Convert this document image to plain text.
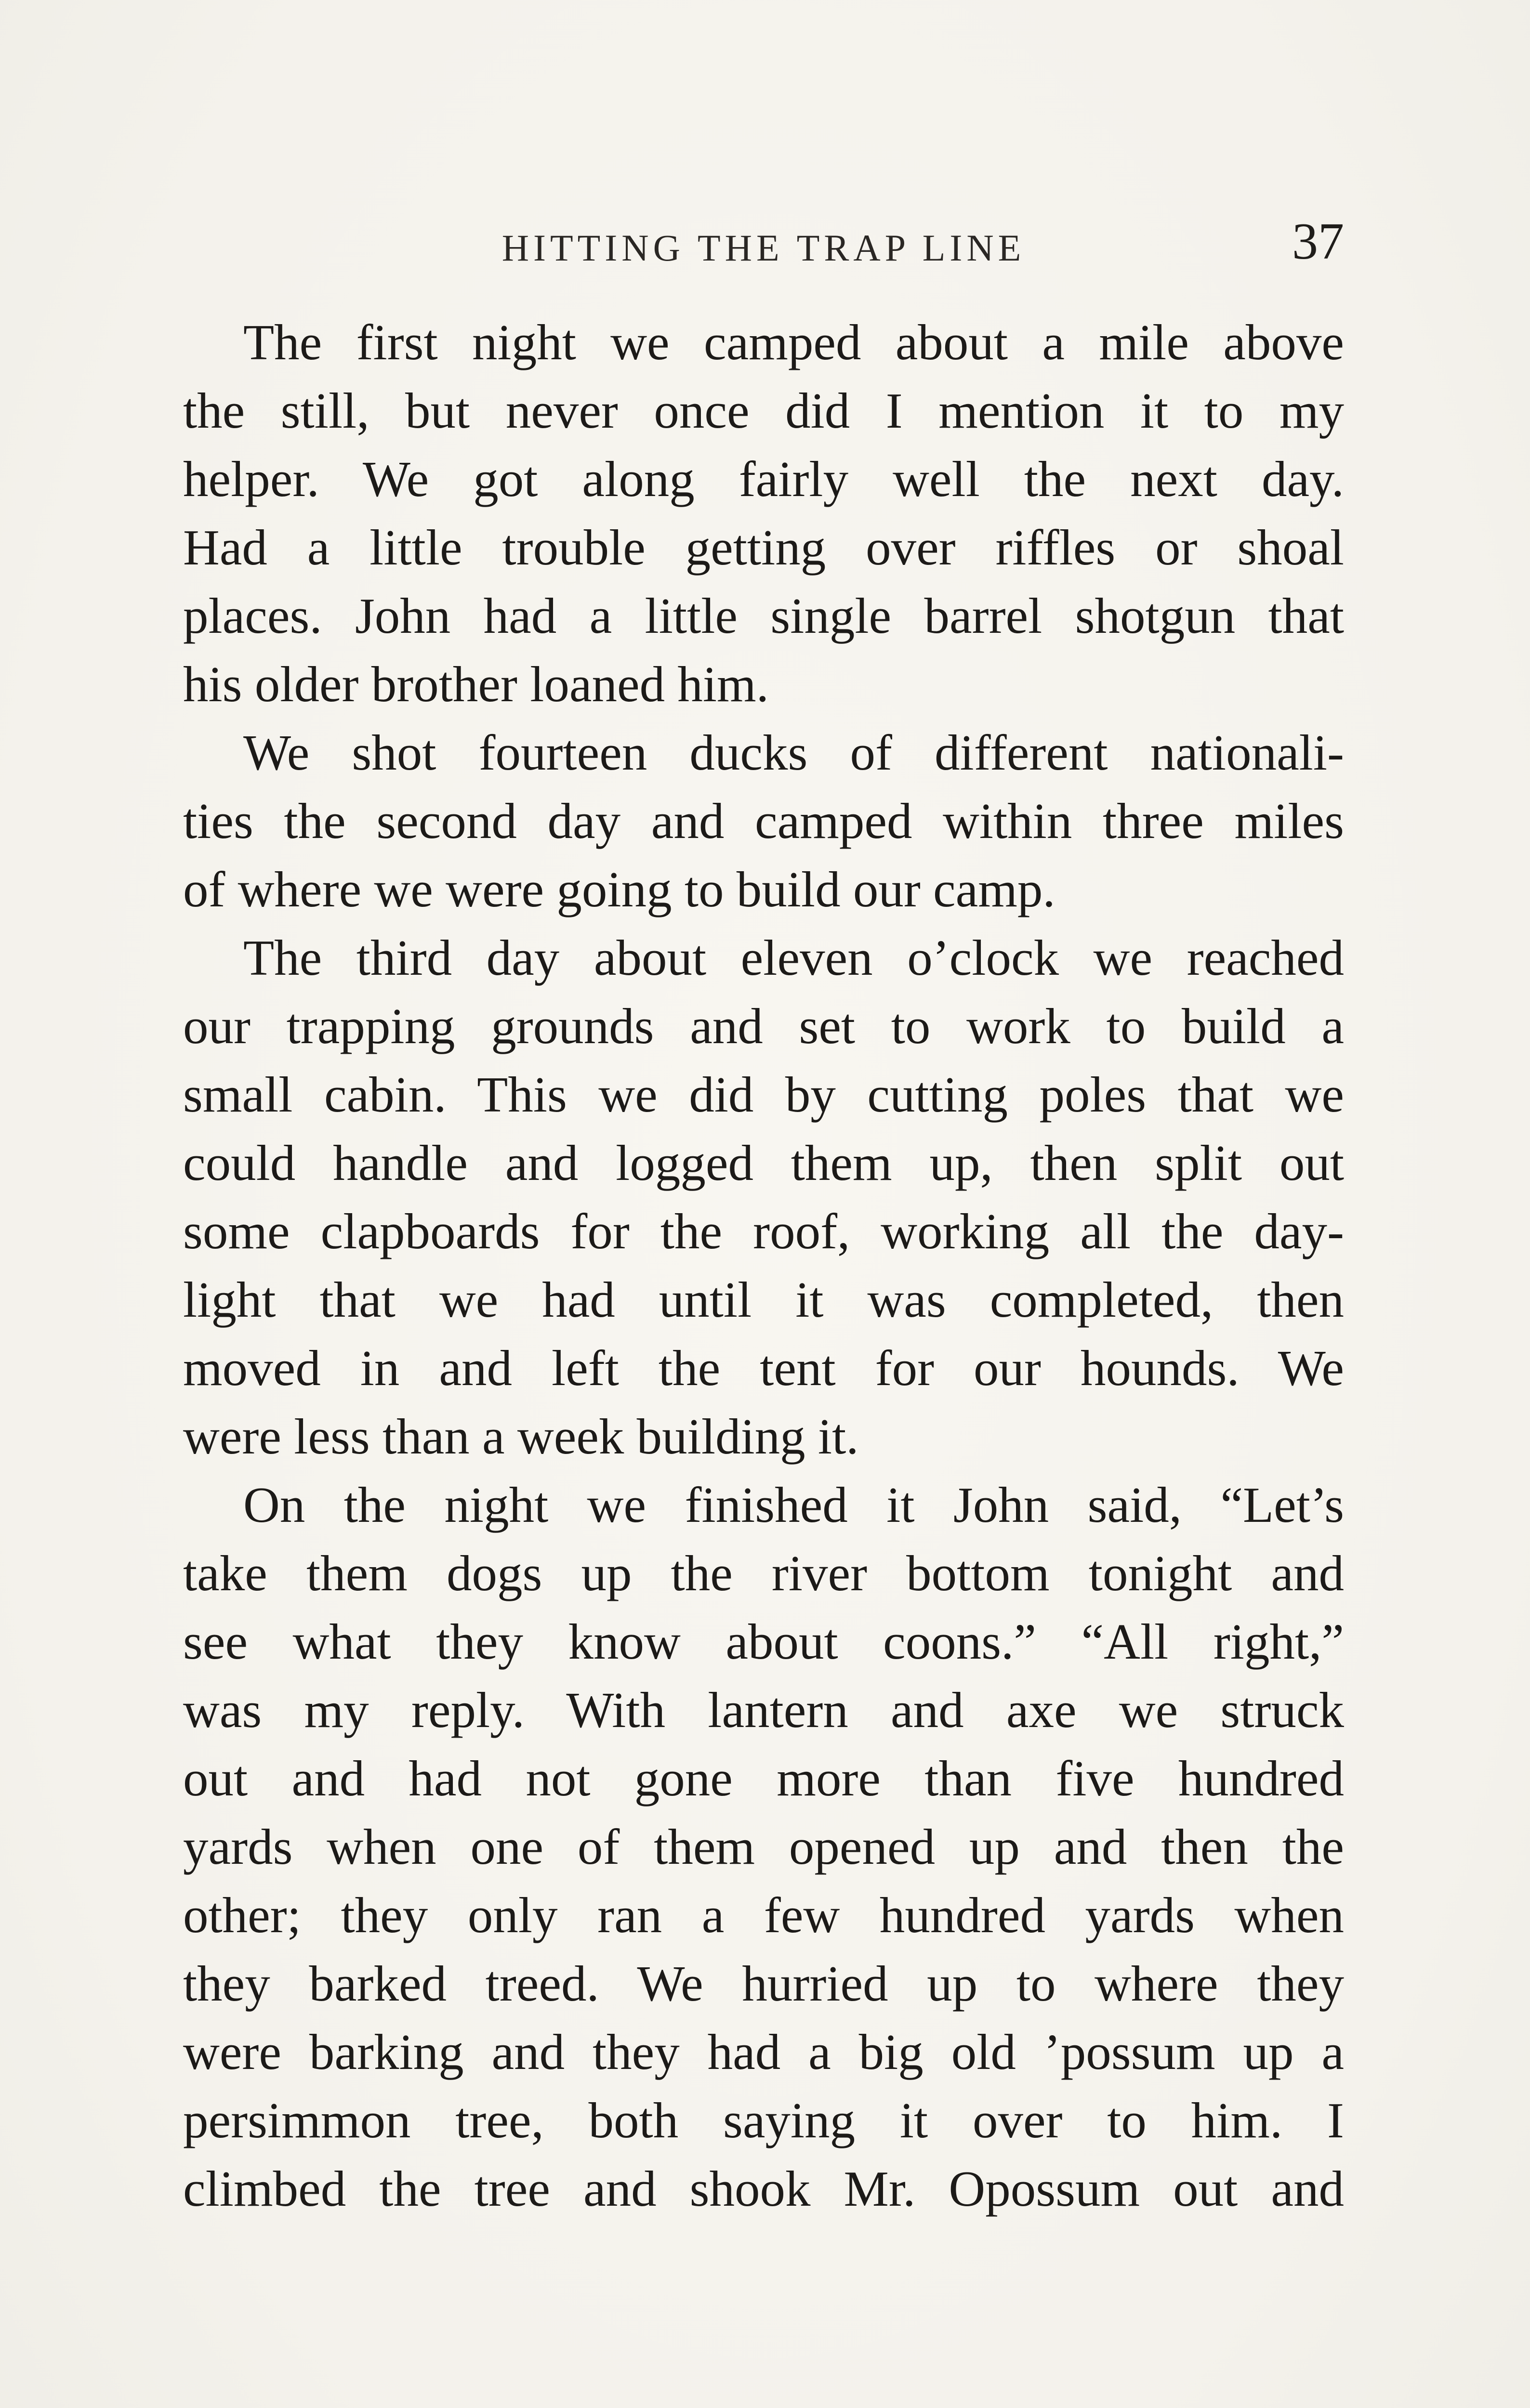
HITTING THE TRAP LINE	37
The first night we camped about a mile above
the still, but never once did I mention it to my
helper. We got along fairly well the next day.
Had a little trouble getting over riffles or shoal
places. John had a little single barrel shotgun that
his older brother loaned him.
We shot fourteen ducks of different nationali-
ties the second day and camped within three miles
of where we were going to build our camp.
The third day about eleven o’clock we reached
our trapping grounds and set to work to build a
small cabin. This we did by cutting poles that we
could handle and logged them up, then split out
some clapboards for the roof, working all the day-
light that we had until it was completed, then
moved in and left the tent for our hounds. We
were less than a week building it.
On the night we finished it John said, “Let’s
take them dogs up the river bottom tonight and
see what they know about coons.” “All right,”
was my reply. With lantern and axe we struck
out and had not gone more than five hundred
yards when one of them opened up and then the
other; they only ran a few hundred yards when
they barked treed. We hurried up to where they
were barking and they had a big old ’possum up a
persimmon tree, both saying it over to him. I
climbed the tree and shook Mr. Opossum out and
